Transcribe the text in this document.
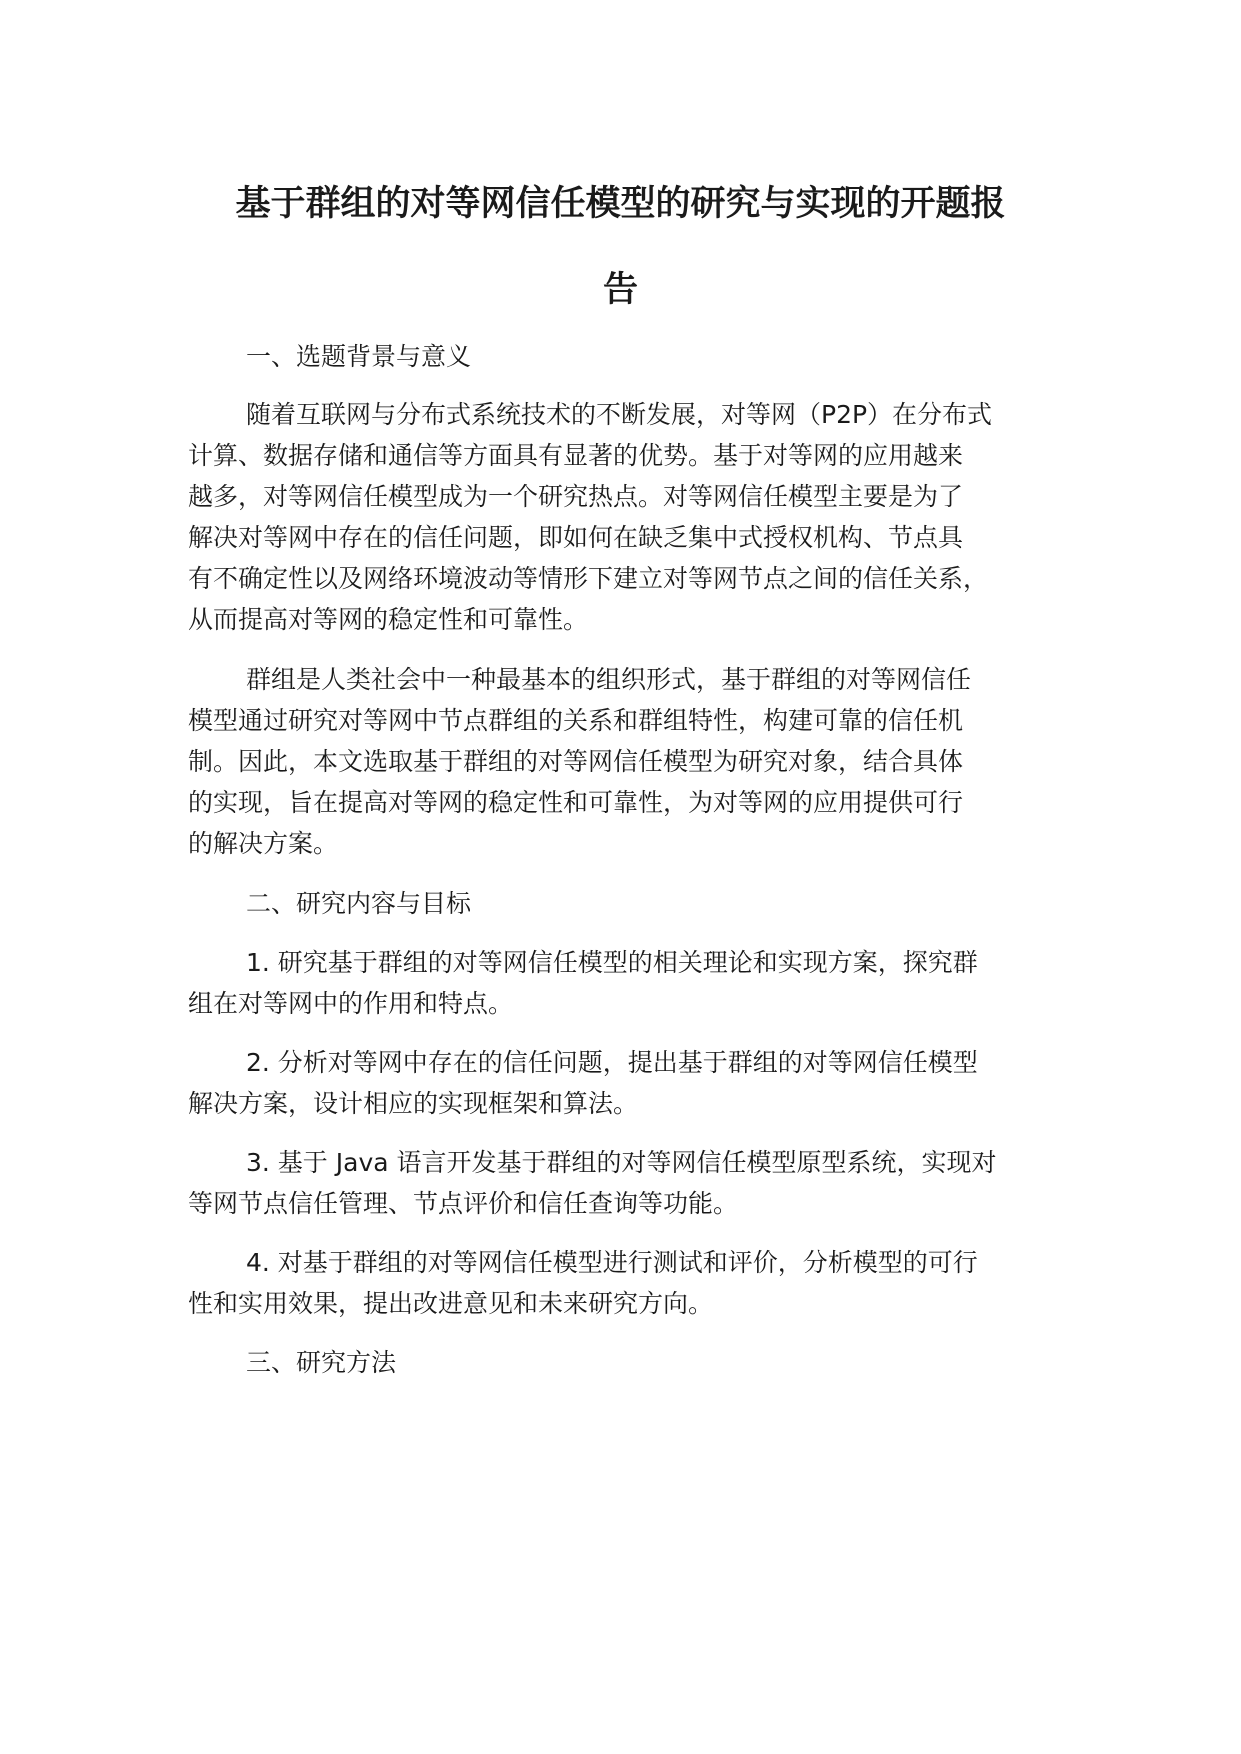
基于群组的对等网信任模型的研究与实现的开题报
告

一、选题背景与意义

随着互联网与分布式系统技术的不断发展，对等网（P2P）在分布式

计算、数据存储和通信等方面具有显著的优势。基于对等网的应用越来

越多，对等网信任模型成为一个研究热点。对等网信任模型主要是为了

解决对等网中存在的信任问题，即如何在缺乏集中式授权机构、节点具

有不确定性以及网络环境波动等情形下建立对等网节点之间的信任关系，

从而提高对等网的稳定性和可靠性。

群组是人类社会中一种最基本的组织形式，基于群组的对等网信任

模型通过研究对等网中节点群组的关系和群组特性，构建可靠的信任机

制。因此，本文选取基于群组的对等网信任模型为研究对象，结合具体

的实现，旨在提高对等网的稳定性和可靠性，为对等网的应用提供可行

的解决方案。

二、研究内容与目标

1. 研究基于群组的对等网信任模型的相关理论和实现方案，探究群

组在对等网中的作用和特点。

2. 分析对等网中存在的信任问题，提出基于群组的对等网信任模型

解决方案，设计相应的实现框架和算法。

3. 基于 Java 语言开发基于群组的对等网信任模型原型系统，实现对

等网节点信任管理、节点评价和信任查询等功能。

4. 对基于群组的对等网信任模型进行测试和评价，分析模型的可行

性和实用效果，提出改进意见和未来研究方向。

三、研究方法
